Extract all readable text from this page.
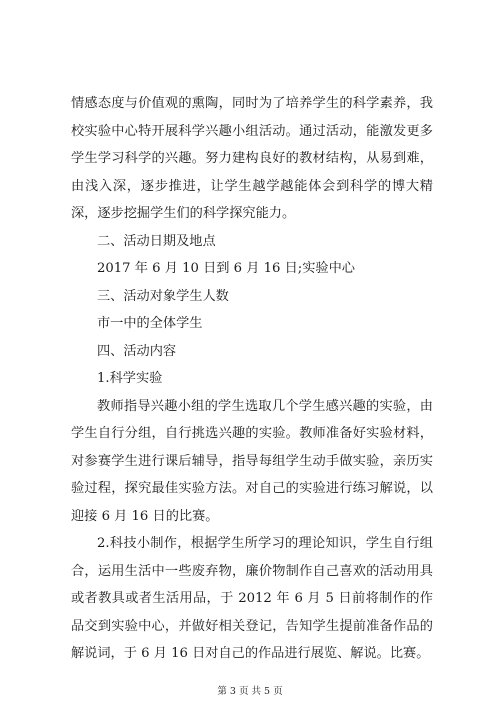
情感态度与价值观的熏陶，同时为了培养学生的科学素养，我校实验中心特开展科学兴趣小组活动。通过活动，能激发更多学生学习科学的兴趣。努力建构良好的教材结构，从易到难，由浅入深，逐步推进，让学生越学越能体会到科学的博大精深，逐步挖掘学生们的科学探究能力。

二、活动日期及地点

2017 年 6 月 10 日到 6 月 16 日;实验中心

三、活动对象学生人数

市一中的全体学生

四、活动内容

1.科学实验

教师指导兴趣小组的学生选取几个学生感兴趣的实验，由学生自行分组，自行挑选兴趣的实验。教师准备好实验材料，对参赛学生进行课后辅导，指导每组学生动手做实验，亲历实验过程，探究最佳实验方法。对自己的实验进行练习解说，以迎接 6 月 16 日的比赛。

2.科技小制作，根据学生所学习的理论知识，学生自行组合，运用生活中一些废弃物，廉价物制作自己喜欢的活动用具或者教具或者生活用品，于 2012 年 6 月 5 日前将制作的作品交到实验中心，并做好相关登记，告知学生提前准备作品的解说词，于 6 月 16 日对自己的作品进行展览、解说。比赛。

第 3 页 共 5 页
